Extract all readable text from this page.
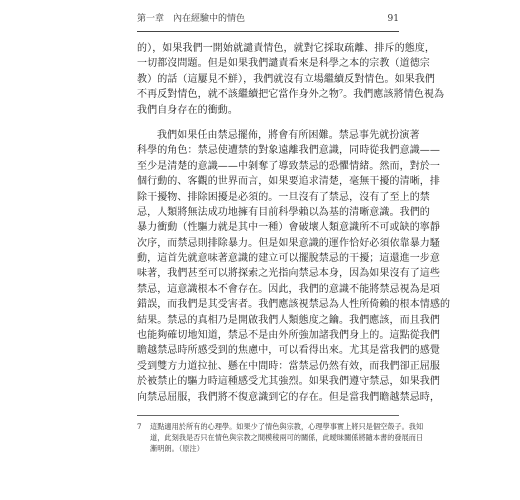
第一章　內在經驗中的情色	91
的），如果我們一開始就譴責情色，就對它採取疏離、排斥的態度，
一切都沒問題。但是如果我們譴責看來是科學之本的宗教（道德宗
教）的話（這屢見不鮮），我們就沒有立場繼續反對情色。如果我們
不再反對情色，就不該繼續把它當作身外之物⁷。我們應該將情色視為
我們自身存在的衝動。
我們如果任由禁忌擺佈，將會有所困難。禁忌事先就扮演著
科學的角色：禁忌使遭禁的對象遠離我們意識，同時從我們意識——
至少是清楚的意識——中剝奪了導致禁忌的恐懼情緒。然而，對於一
個行動的、客觀的世界而言，如果要追求清楚，毫無干擾的清晰，排
除干擾物、排除困擾是必須的。一旦沒有了禁忌，沒有了至上的禁
忌，人類將無法成功地擁有目前科學賴以為基的清晰意識。我們的
暴力衝動（性驅力就是其中一種）會破壞人類意識所不可或缺的寧靜
次序，而禁忌則排除暴力。但是如果意識的運作恰好必須依靠暴力騷
動，這首先就意味著意識的建立可以擺脫禁忌的干擾；這還進一步意
味著，我們甚至可以將探索之光指向禁忌本身，因為如果沒有了這些
禁忌，這意識根本不會存在。因此，我們的意識不能將禁忌視為是項
錯誤，而我們是其受害者。我們應該視禁忌為人性所倚賴的根本情感的
結果。禁忌的真相乃是開啟我們人類態度之鑰。我們應該，而且我們
也能夠確切地知道，禁忌不是由外所強加諸我們身上的。這點從我們
瞻越禁忌時所感受到的焦慮中，可以看得出來。尤其是當我們的感覺
受到雙方力道拉扯、懸在中間時：當禁忌仍然有效，而我們卻正屈服
於被禁止的驅力時這種感受尤其強烈。如果我們遵守禁忌，如果我們
向禁忌屈服，我們將不復意識到它的存在。但是當我們瞻越禁忌時，
7 這點適用於所有的心理學。如果少了情色與宗教，心理學事實上將只是個空殼子。我知
道，此刻我是否只在情色與宗教之間模稜兩可的關係，此曖昧關係將隨本書的發展而日
漸明朗。（原注）
